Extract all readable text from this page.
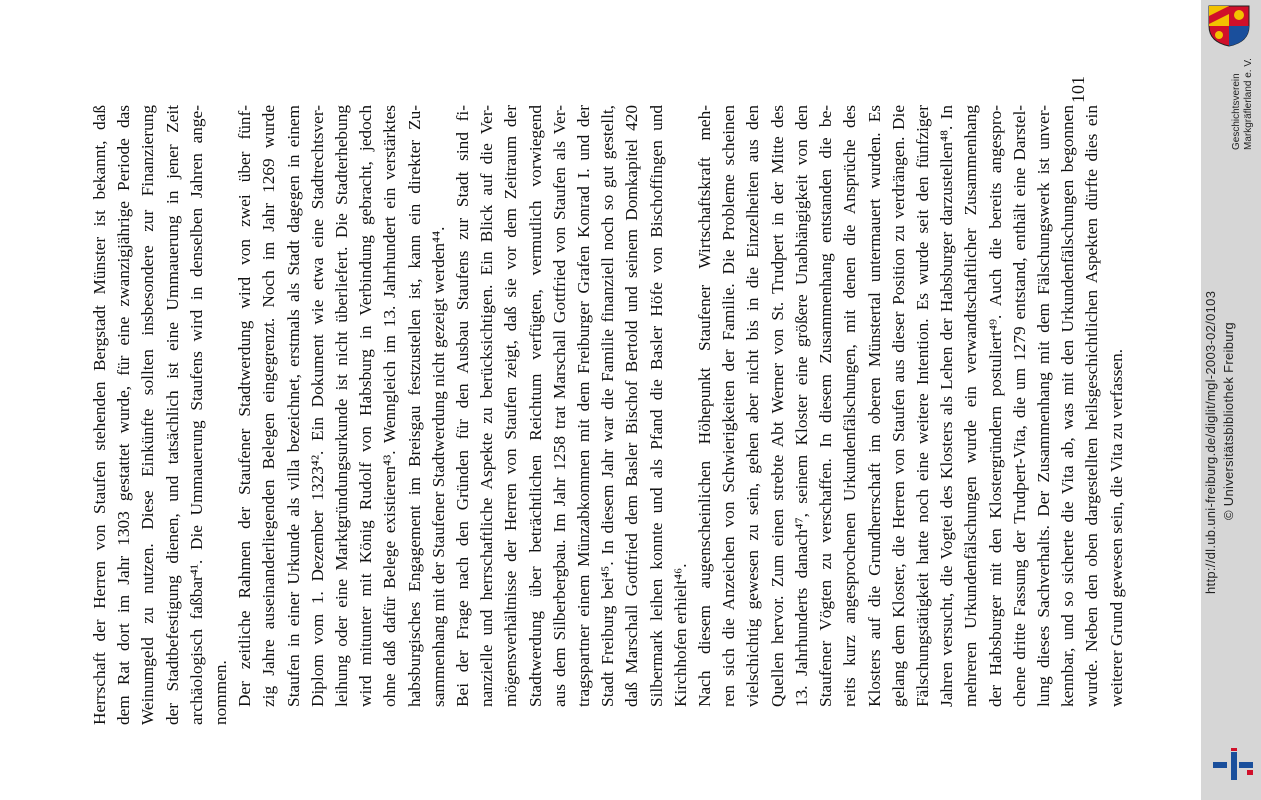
Herrschaft der Herren von Staufen stehenden Bergstadt Münster ist bekannt, daß dem Rat dort im Jahr 1303 gestattet wurde, für eine zwanzigjährige Periode das Weinumgeld zu nutzen. Diese Einkünfte sollten insbesondere zur Finanzierung der Stadtbefestigung dienen, und tatsächlich ist eine Ummauerung in jener Zeit archäologisch faßbar⁴¹. Die Ummauerung Staufens wird in denselben Jahren ange- nommen. Der zeitliche Rahmen der Staufener Stadtwerdung wird von zwei über fünf- zig Jahre auseinanderliegenden Belegen eingegrenzt. Noch im Jahr 1269 wurde Staufen in einer Urkunde als villa bezeichnet, erstmals als Stadt dagegen in einem Diplom vom 1. Dezember 1323⁴². Ein Dokument wie etwa eine Stadtrechtsver- leihung oder eine Marktgründungsurkunde ist nicht überliefert. Die Stadterhebung wird mitunter mit König Rudolf von Habsburg in Verbindung gebracht, jedoch ohne daß dafür Belege existieren⁴³. Wenngleich im 13. Jahrhundert ein verstärktes habsburgisches Engagement im Breisgau festzustellen ist, kann ein direkter Zu- sammenhang mit der Staufener Stadtwerdung nicht gezeigt werden⁴⁴. Bei der Frage nach den Gründen für den Ausbau Staufens zur Stadt sind fi- nanzielle und herrschaftliche Aspekte zu berücksichtigen. Ein Blick auf die Ver- mögensverhältnisse der Herren von Staufen zeigt, daß sie vor dem Zeitraum der Stadtwerdung über beträchtlichen Reichtum verfügten, vermutlich vorwiegend aus dem Silberbergbau. Im Jahr 1258 trat Marschall Gottfried von Staufen als Ver- tragspartner einem Münzabkommen mit dem Freiburger Grafen Konrad I. und der Stadt Freiburg bei⁴⁵. In diesem Jahr war die Familie finanziell noch so gut gestellt, daß Marschall Gottfried dem Basler Bischof Bertold und seinem Domkapitel 420 Silbermark leihen konnte und als Pfand die Basler Höfe von Bischoffingen und Kirchhofen erhielt⁴⁶. Nach diesem augenscheinlichen Höhepunkt Staufener Wirtschaftskraft meh- ren sich die Anzeichen von Schwierigkeiten der Familie. Die Probleme scheinen vielschichtig gewesen zu sein, gehen aber nicht bis in die Einzelheiten aus den Quellen hervor. Zum einen strebte Abt Werner von St. Trudpert in der Mitte des 13. Jahrhunderts danach⁴⁷, seinem Kloster eine größere Unabhängigkeit von den Staufener Vögten zu verschaffen. In diesem Zusammenhang entstanden die be- reits kurz angesprochenen Urkundenfälschungen, mit denen die Ansprüche des Klosters auf die Grundherrschaft im oberen Münstertal untermauert wurden. Es gelang dem Kloster, die Herren von Staufen aus dieser Position zu verdrängen. Die Fälschungstätigkeit hatte noch eine weitere Intention. Es wurde seit den fünfziger Jahren versucht, die Vogtei des Klosters als Lehen der Habsburger darzustellen⁴⁸. In mehreren Urkundenfälschungen wurde ein verwandtschaftlicher Zusammenhang der Habsburger mit den Klostergründern postuliert⁴⁹. Auch die bereits angespro- chene dritte Fassung der Trudpert-Vita, die um 1279 entstand, enthält eine Darstel- lung dieses Sachverhalts. Der Zusammenhang mit dem Fälschungswerk ist unver- kennbar, und so sicherte die Vita ab, was mit den Urkundenfälschungen begonnen wurde. Neben den oben dargestellten heilsgeschichtlichen Aspekten dürfte dies ein weiterer Grund gewesen sein, die Vita zu verfassen.
101	Geschichtsverein Markgräflerland e. V.
© Universitätsbibliothek Freiburg
http://dl.ub.uni-freiburg.de/diglit/mgl-2003-02/0103
